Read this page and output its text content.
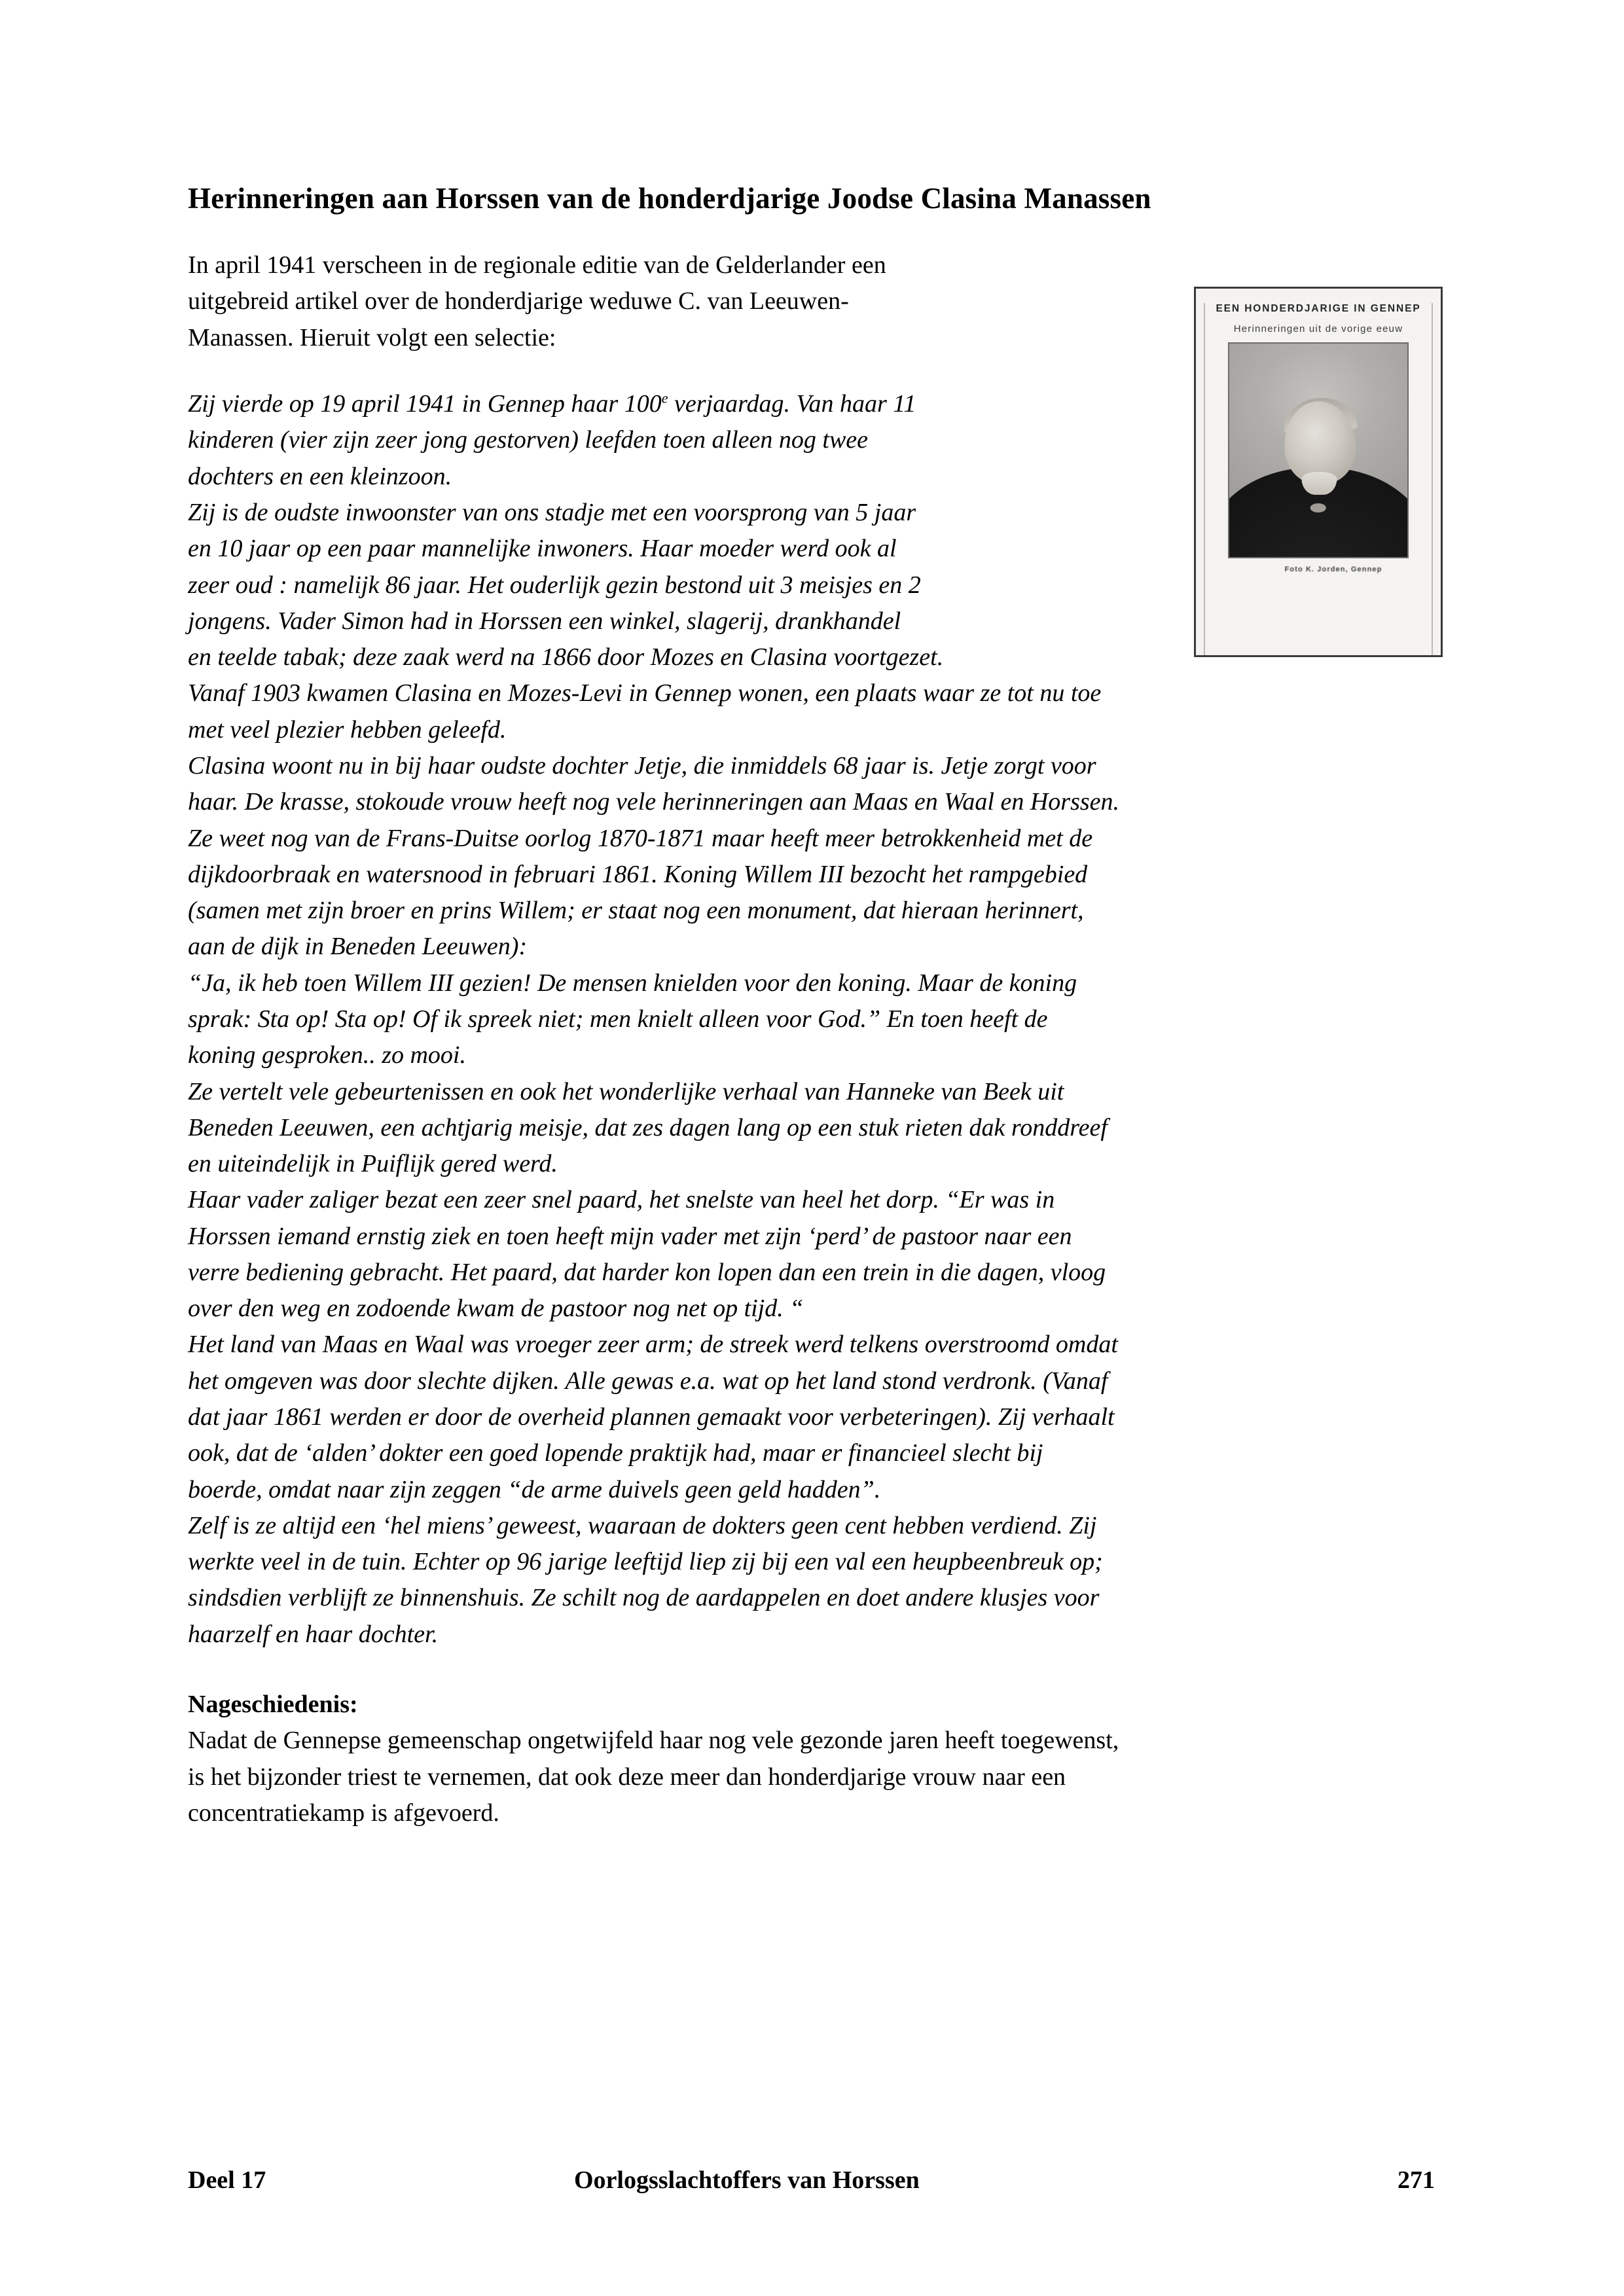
Herinneringen aan Horssen van de honderdjarige Joodse Clasina Manassen
EEN HONDERDJARIGE IN GENNEP
Herinneringen uit de vorige eeuw
Foto K. Jorden, Gennep

In april 1941 verscheen in de regionale editie van de Gelderlander een
uitgebreid artikel over de honderdjarige weduwe C. van Leeuwen-
Manassen. Hieruit volgt een selectie:

Zij vierde op 19 april 1941 in Gennep haar 100e verjaardag. Van haar 11
kinderen (vier zijn zeer jong gestorven) leefden toen alleen nog twee
dochters en een kleinzoon.

Zij is de oudste inwoonster van ons stadje met een voorsprong van 5 jaar
en 10 jaar op een paar mannelijke inwoners. Haar moeder werd ook al
zeer oud : namelijk 86 jaar. Het ouderlijk gezin bestond uit 3 meisjes en 2
jongens. Vader Simon had in Horssen een winkel, slagerij, drankhandel

en teelde tabak; deze zaak werd na 1866 door Mozes en Clasina voortgezet.

Vanaf 1903 kwamen Clasina en Mozes-Levi in Gennep wonen, een plaats waar ze tot nu toe
met veel plezier hebben geleefd.

Clasina woont nu in bij haar oudste dochter Jetje, die inmiddels 68 jaar is. Jetje zorgt voor
haar. De krasse, stokoude vrouw heeft nog vele herinneringen aan Maas en Waal en Horssen.

Ze weet nog van de Frans-Duitse oorlog 1870-1871 maar heeft meer betrokkenheid met de
dijkdoorbraak en watersnood in februari 1861. Koning Willem III bezocht het rampgebied
(samen met zijn broer en prins Willem; er staat nog een monument, dat hieraan herinnert,
aan de dijk in Beneden Leeuwen):

“Ja, ik heb toen Willem III gezien! De mensen knielden voor den koning. Maar de koning
sprak: Sta op! Sta op! Of ik spreek niet; men knielt alleen voor God.” En toen heeft de
koning gesproken.. zo mooi.

Ze vertelt vele gebeurtenissen en ook het wonderlijke verhaal van Hanneke van Beek uit
Beneden Leeuwen, een achtjarig meisje, dat zes dagen lang op een stuk rieten dak ronddreef
en uiteindelijk in Puiflijk gered werd.

Haar vader zaliger bezat een zeer snel paard, het snelste van heel het dorp. “Er was in
Horssen iemand ernstig ziek en toen heeft mijn vader met zijn ‘perd’ de pastoor naar een
verre bediening gebracht. Het paard, dat harder kon lopen dan een trein in die dagen, vloog
over den weg en zodoende kwam de pastoor nog net op tijd. “

Het land van Maas en Waal was vroeger zeer arm; de streek werd telkens overstroomd omdat
het omgeven was door slechte dijken. Alle gewas e.a. wat op het land stond verdronk. (Vanaf
dat jaar 1861 werden er door de overheid plannen gemaakt voor verbeteringen). Zij verhaalt
ook, dat de ‘alden’ dokter een goed lopende praktijk had, maar er financieel slecht bij
boerde, omdat naar zijn zeggen “de arme duivels geen geld hadden”.

Zelf is ze altijd een ‘hel miens’ geweest, waaraan de dokters geen cent hebben verdiend. Zij
werkte veel in de tuin. Echter op 96 jarige leeftijd liep zij bij een val een heupbeenbreuk op;
sindsdien verblijft ze binnenshuis. Ze schilt nog de aardappelen en doet andere klusjes voor
haarzelf en haar dochter.

Nageschiedenis:

Nadat de Gennepse gemeenschap ongetwijfeld haar nog vele gezonde jaren heeft toegewenst,
is het bijzonder triest te vernemen, dat ook deze meer dan honderdjarige vrouw naar een
concentratiekamp is afgevoerd.

Deel 17	Oorlogsslachtoffers van Horssen	271
